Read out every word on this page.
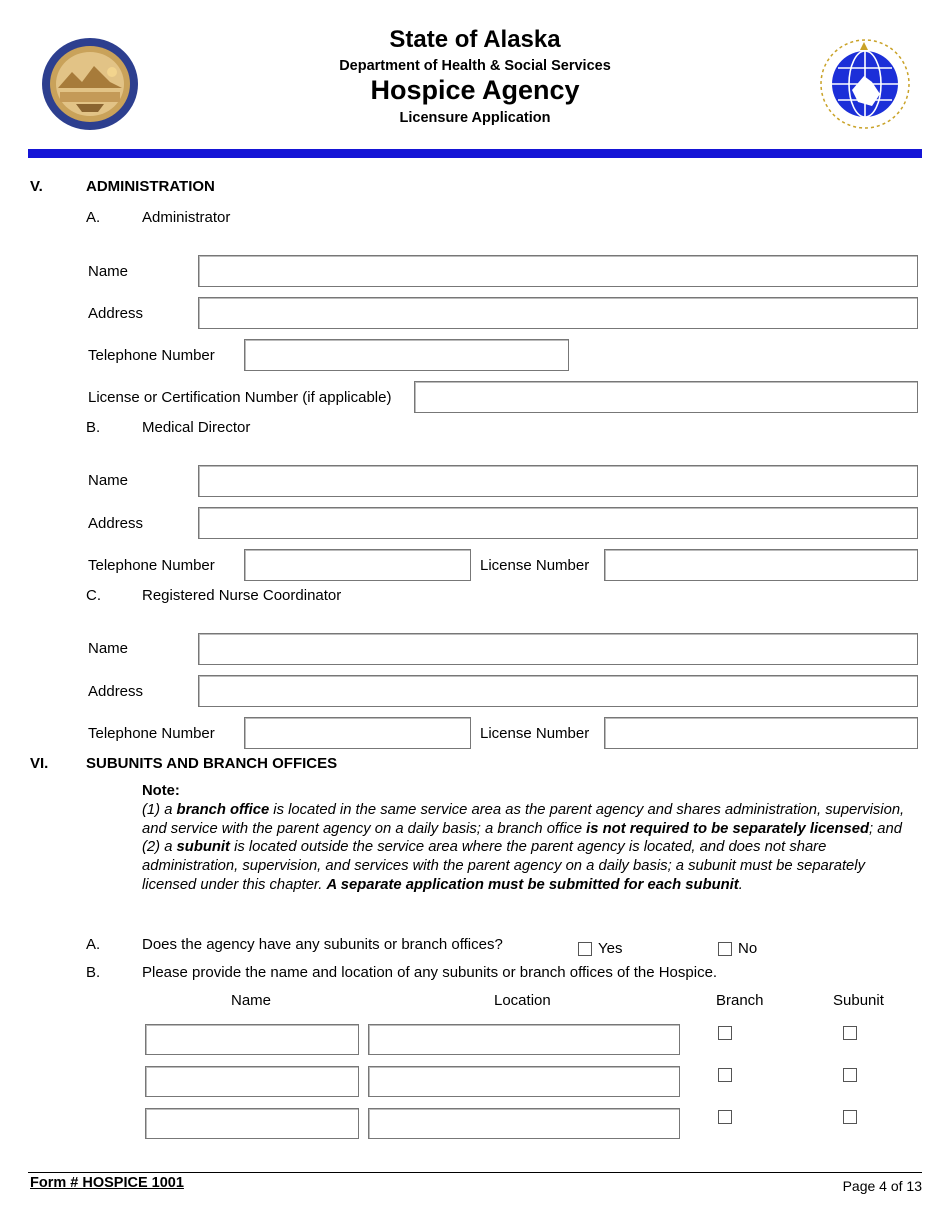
State of Alaska
Department of Health & Social Services
Hospice Agency
Licensure Application
V.	ADMINISTRATION
A.	Administrator
Name
Address
Telephone Number
License or Certification Number (if applicable)
B.	Medical Director
Name
Address
Telephone Number	License Number
C.	Registered Nurse Coordinator
Name
Address
Telephone Number	License Number
VI.	SUBUNITS AND BRANCH OFFICES
Note:
(1) a branch office is located in the same service area as the parent agency and shares administration, supervision, and service with the parent agency on a daily basis; a branch office is not required to be separately licensed; and
(2) a subunit is located outside the service area where the parent agency is located, and does not share administration, supervision, and services with the parent agency on a daily basis; a subunit must be separately licensed under this chapter. A separate application must be submitted for each subunit.
A.	Does the agency have any subunits or branch offices?	Yes	No
B.	Please provide the name and location of any subunits or branch offices of the Hospice.
Name	Location	Branch	Subunit
Form # HOSPICE 1001	Page 4 of 13
